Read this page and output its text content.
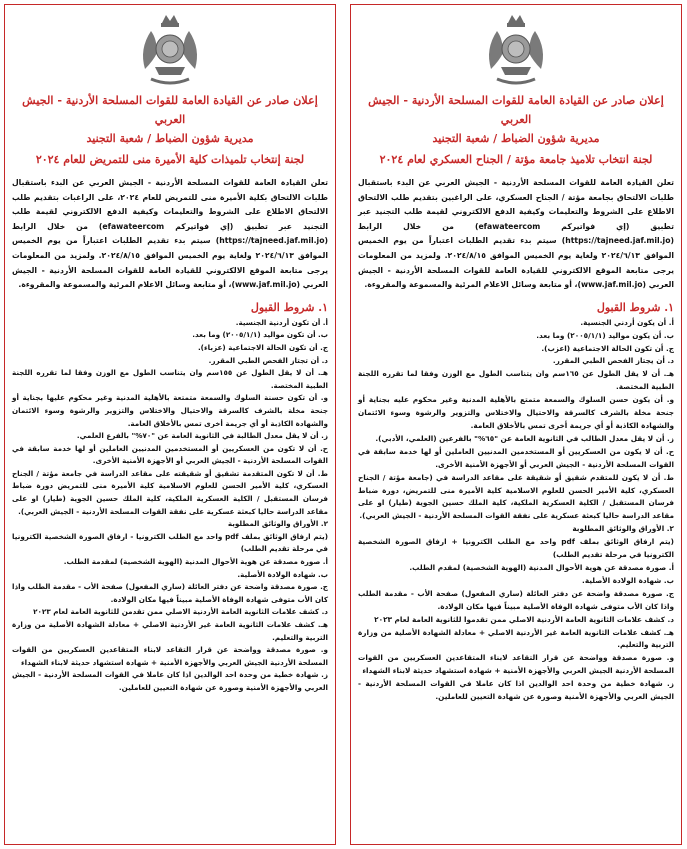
إعلان صادر عن القيادة العامة للقوات المسلحة الأردنية - الجيش العربي
مديرية شؤون الضباط / شعبة التجنيد
لجنة إنتخاب تلميذات كلية الأميرة منى للتمريض للعام ٢٠٢٤

تعلن القيادة العامة للقوات المسلحة الأردنية - الجيش العربي عن البدء باستقبال طلبات الالتحاق بكلية الأميرة منى للتمريض للعام ٢٠٢٤، على الراغبات بتقديم طلب الالتحاق الاطلاع على الشروط والتعليمات وكيفية الدفع الالكتروني لقيمة طلب التجنيد عبر تطبيق (إي فواتيركم efawateercom) من خلال الرابط (https://tajneed.jaf.mil.jo) سيتم بدء تقديم الطلبات اعتباراً من يوم الخميس الموافق ٢٠٢٤/٦/١٣ ولغاية يوم الخميس الموافق ٢٠٢٤/٨/١٥. ولمزيد من المعلومات يرجى متابعة الموقع الالكتروني للقيادة العامة للقوات المسلحة الأردنية - الجيش العربي (www.jaf.mil.jo)، أو متابعة وسائل الاعلام المرئية والمسموعة والمقروءة.

١. شروط القبول
أ. أن تكون أردنية الجنسية.
ب. أن تكون مواليد (٢٠٠٥/١/١) وما بعد.
ج. أن تكون الحالة الاجتماعية (عزباء).
د. أن تجتاز الفحص الطبي المقرر.
هـ. أن لا يقل الطول عن ١٥٥سم وان يتناسب الطول مع الوزن وفقا لما تقرره اللجنة الطبية المختصة.
و. أن تكون حسنة السلوك والسمعة متمتعة بالأهلية المدنية وغير محكوم عليها بجناية أو جنحة مخلة بالشرف كالسرقة والاحتيال والاختلاس والتزوير والرشوة وسوء الائتمان والشهادة الكاذبة أو أي جريمة أخرى تمس بالأخلاق العامة.
ز. أن لا يقل معدل الطالبة في الثانوية العامة عن "٧٠%" بالفرع العلمي.
ح. أن لا تكون من العسكريين أو المستخدمين المدنيين العاملين أو لها خدمة سابقة في القوات المسلحة الأردنية - الجيش العربي أو الأجهزة الأمنية الأخرى.
ط. أن لا تكون المتقدمة تشقيق أو شقيقته على مقاعد الدراسة في جامعة مؤتة / الجناح العسكري، كلية الأمير الحسن للعلوم الاسلامية كلية الأميرة منى للتمريض دورة ضباط فرسان المستقبل / الكلية العسكرية الملكية، كلية الملك حسين الجوية (طيار) او على مقاعد الدراسة حاليا كبعثة عسكرية على نفقة القوات المسلحة الأردنية - الجيش العربي).
٢. الأوراق والوثائق المطلوبة
(يتم ارفاق الوثائق بملف pdf واحد مع الطلب الكترونيا - ارفاق الصورة الشخصية الكترونيا في مرحلة تقديم الطلب)
أ. صورة مصدقة عن هوية الأحوال المدنية (الهوية الشخصية) لمقدمة الطلب.
ب. شهادة الولادة الأصلية.
ج. صورة مصدقة واضحة عن دفتر العائلة (ساري المفعول) صفحة الأب - مقدمة الطلب واذا كان الأب متوفى شهادة الوفاة الأصلية مبيناً فيها مكان الولادة.
د. كشف علامات الثانوية العامة الأردنية الاصلي ممن تقدمن للثانوية العامة لعام ٢٠٢٣
هـ. كشف علامات الثانوية العامة غير الأردنية الاصلي + معادلة الشهادة الأصلية من وزارة التربية والتعليم.
و. صورة مصدقة وواضحة عن قرار التقاعد لابناء المتقاعدين العسكريين من القوات المسلحة الأردنية الجيش العربي والأجهزة الأمنية + شهادة استشهاد حديثة لابناء الشهداء
ز. شهادة خطية من وحدة احد الوالدين اذا كان عاملا في القوات المسلحة الأردنية - الجيش العربي والأجهزة الأمنية وصورة عن شهادة التعيين للعاملين.
إعلان صادر عن القيادة العامة للقوات المسلحة الأردنية - الجيش العربي
مديرية شؤون الضباط / شعبة التجنيد
لجنة انتخاب تلاميذ جامعة مؤتة / الجناح العسكري لعام ٢٠٢٤

تعلن القيادة العامة للقوات المسلحة الأردنية - الجيش العربي عن البدء باستقبال طلبات الالتحاق بجامعة مؤتة / الجناح العسكري، على الراغبين بتقديم طلب الالتحاق الاطلاع على الشروط والتعليمات وكيفية الدفع الالكتروني لقيمة طلب التجنيد عبر تطبيق (إي فواتيركم efawateercom) من خلال الرابط (https://tajneed.jaf.mil.jo) سيتم بدء تقديم الطلبات اعتباراً من يوم الخميس الموافق ٢٠٢٤/٦/١٣ ولغاية يوم الخميس الموافق ٢٠٢٤/٨/١٥. ولمزيد من المعلومات يرجى متابعة الموقع الالكتروني للقيادة العامة للقوات المسلحة الأردنية - الجيش العربي (www.jaf.mil.jo)، أو متابعة وسائل الاعلام المرئية والمسموعة والمقروءة.

١. شروط القبول
أ. أن يكون أردني الجنسية.
ب. أن يكون مواليد (٢٠٠٥/١/١) وما بعد.
ج. أن تكون الحالة الاجتماعية (اعزب).
د. أن يجتاز الفحص الطبي المقرر.
هـ. أن لا يقل الطول عن ١٦٥سم وان يتناسب الطول مع الوزن وفقا لما تقرره اللجنة الطبية المختصة.
و. أن يكون حسن السلوك والسمعة متمتع بالأهلية المدنية وغير محكوم عليه بجناية أو جنحة مخلة بالشرف كالسرقة والاحتيال والاختلاس والتزوير والرشوة وسوء الائتمان والشهادة الكاذبة أو أي جريمة أخرى تمس بالأخلاق العامة.
ز. أن لا يقل معدل الطالب في الثانوية العامة عن "٦٥%" بالفرعين (العلمي، الأدبي).
ح. أن لا يكون من العسكريين أو المستخدمين المدنيين العاملين أو لها خدمة سابقة في القوات المسلحة الأردنية - الجيش العربي أو الأجهزة الأمنية الأخرى.
ط. أن لا يكون للمتقدم شقيق أو شقيقة على مقاعد الدراسة في (جامعة مؤتة / الجناح العسكري، كلية الأمير الحسن للعلوم الاسلامية كلية الأميرة منى للتمريض، دورة ضباط فرسان المستقبل / الكلية العسكرية الملكية، كلية الملك حسين الجوية (طيار) او على مقاعد الدراسة حاليا كبعثة عسكرية على نفقة القوات المسلحة الأردنية - الجيش العربي).
٢. الأوراق والوثائق المطلوبة
(يتم ارفاق الوثائق بملف pdf واحد مع الطلب الكترونيا + ارفاق الصورة الشخصية الكترونيا في مرحلة تقديم الطلب)
أ. صورة مصدقة عن هوية الأحوال المدنية (الهوية الشخصية) لمقدم الطلب.
ب. شهادة الولادة الأصلية.
ج. صورة مصدقة واضحة عن دفتر العائلة (ساري المفعول) صفحة الأب - مقدمة الطلب واذا كان الأب متوفى شهادة الوفاة الأصلية مبيناً فيها مكان الولادة.
د. كشف علامات الثانوية العامة الأردنية الاصلي ممن تقدموا للثانوية العامة لعام ٢٠٢٣
هـ. كشف علامات الثانوية العامة غير الأردنية الاصلي + معادلة الشهادة الأصلية من وزارة التربية والتعليم.
و. صورة مصدقة وواضحة عن قرار التقاعد لابناء المتقاعدين العسكريين من القوات المسلحة الأردنية الجيش العربي والأجهزة الأمنية + شهادة استشهاد حديثة لابناء الشهداء
ز. شهادة خطية من وحدة احد الوالدين اذا كان عاملا في القوات المسلحة الأردنية - الجيش العربي والأجهزة الأمنية وصورة عن شهادة التعيين للعاملين.
